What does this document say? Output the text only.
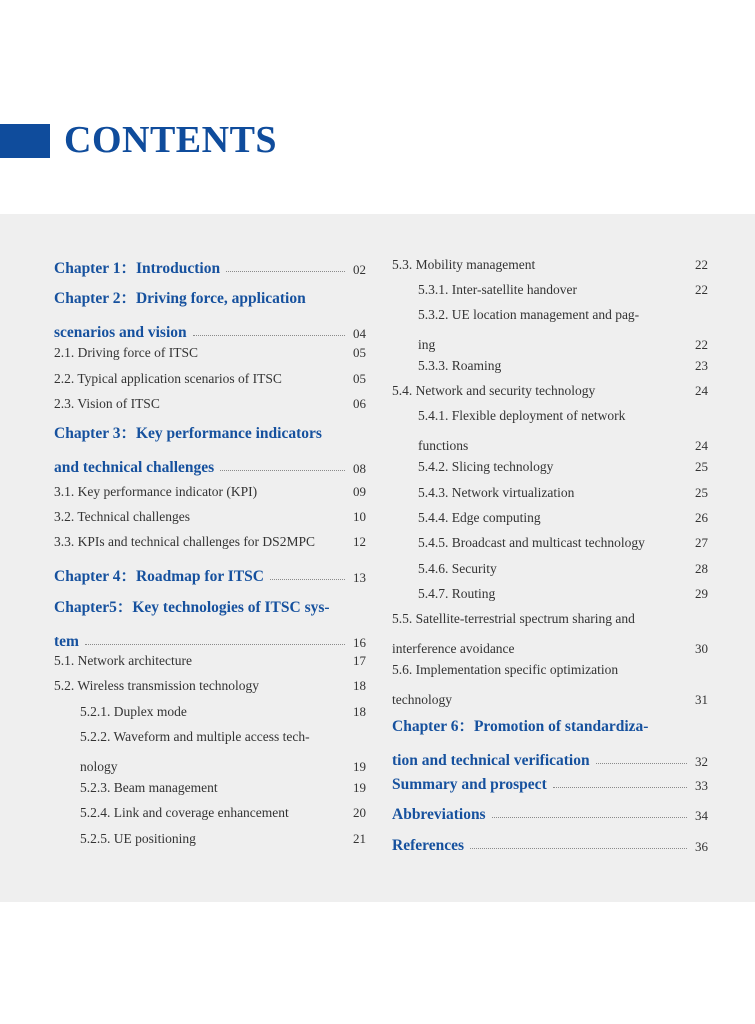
CONTENTS
Chapter 1：Introduction	02
Chapter 2：Driving force, application
scenarios and vision	04
2.1. Driving force of ITSC	05
2.2. Typical application scenarios of ITSC	05
2.3. Vision of ITSC	06
Chapter 3：Key performance indicators
and technical challenges	08
3.1. Key performance indicator (KPI)	09
3.2. Technical challenges	10
3.3. KPIs and technical challenges for DS2MPC	12
Chapter 4：Roadmap for ITSC	13
Chapter5：Key technologies of ITSC sys-
tem	16
5.1. Network architecture	17
5.2. Wireless transmission technology	18
5.2.1. Duplex mode	18
5.2.2. Waveform and multiple access tech-
nology	19
5.2.3. Beam management	19
5.2.4. Link and coverage enhancement	20
5.2.5. UE positioning	21
5.3. Mobility management	22
5.3.1. Inter-satellite handover	22
5.3.2. UE location management and pag-
ing	22
5.3.3. Roaming	23
5.4. Network and security technology	24
5.4.1. Flexible deployment of network
functions	24
5.4.2. Slicing technology	25
5.4.3. Network virtualization	25
5.4.4. Edge computing	26
5.4.5. Broadcast and multicast technology	27
5.4.6. Security	28
5.4.7. Routing	29
5.5. Satellite-terrestrial spectrum sharing and
interference avoidance	30
5.6. Implementation specific optimization
technology	31
Chapter 6：Promotion of standardiza-
tion and technical verification	32
Summary and prospect	33
Abbreviations	34
References	36
